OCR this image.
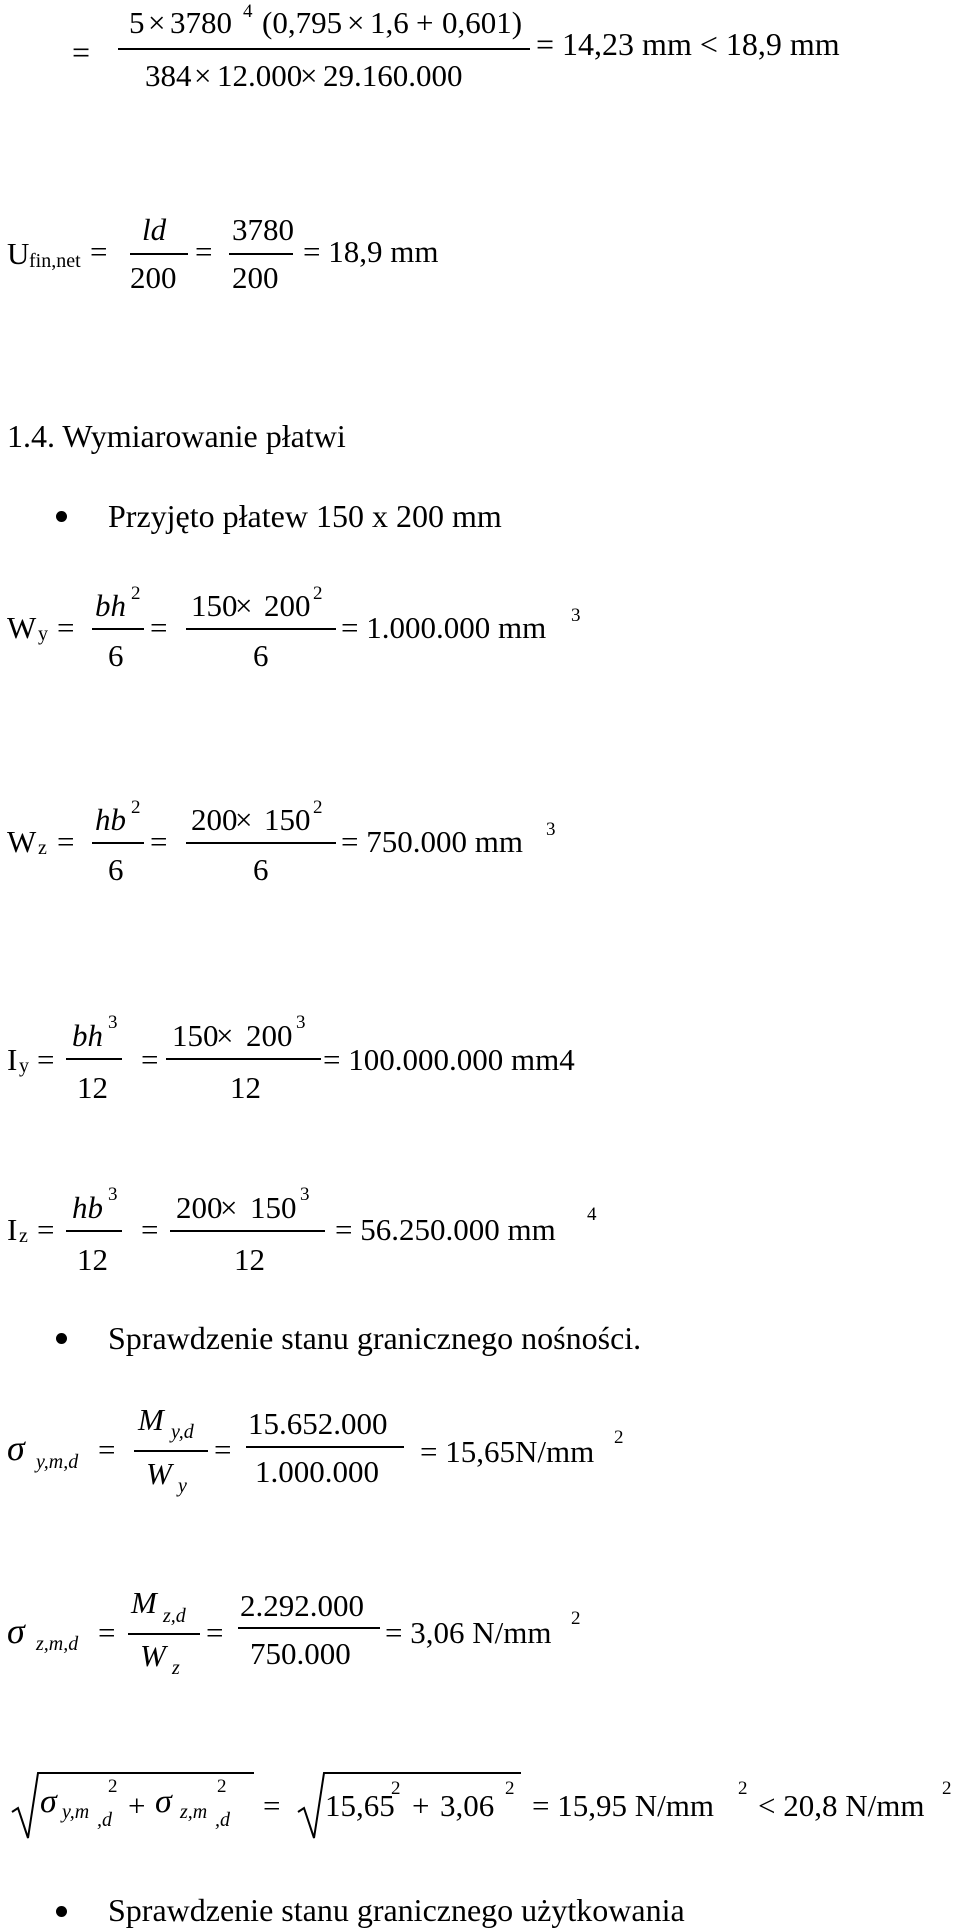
=
5 × 3780 4 (0,795 × 1,6 + 0,601)
384 × 12.000
× 29.160.000
= 14,23 mm < 18,9 mm
U fin,net =
ld
200
=
3780
200
= 18,9 mm
1.4. Wymiarowanie płatwi
Przyjęto płatew 150 x 200 mm
W y =
bh 2
6
=
150
× 200 2
6
= 1.000.000 mm 3
W z =
hb 2
6
=
200
× 150 2
6
= 750.000 mm 3
I y =
bh 3
12
=
150
× 200 3
12
= 100.000.000 mm4
I z =
hb 3
12
=
200
× 150 3
12
= 56.250.000 mm 4
Sprawdzenie stanu granicznego nośności.
σ y,m,d =
M y,d
W y
=
15.652.000
1.000.000
= 15,65N/mm 2
σ z,m,d =
M z,d
W z
=
2.292.000
750.000
= 3,06 N/mm 2
σ y,m ,d
2
+ σ z,m ,d
2
= 15,65
2 + 3,06 2 = 15,95 N/mm 2 < 20,8 N/mm 2
Sprawdzenie stanu granicznego użytkowania
